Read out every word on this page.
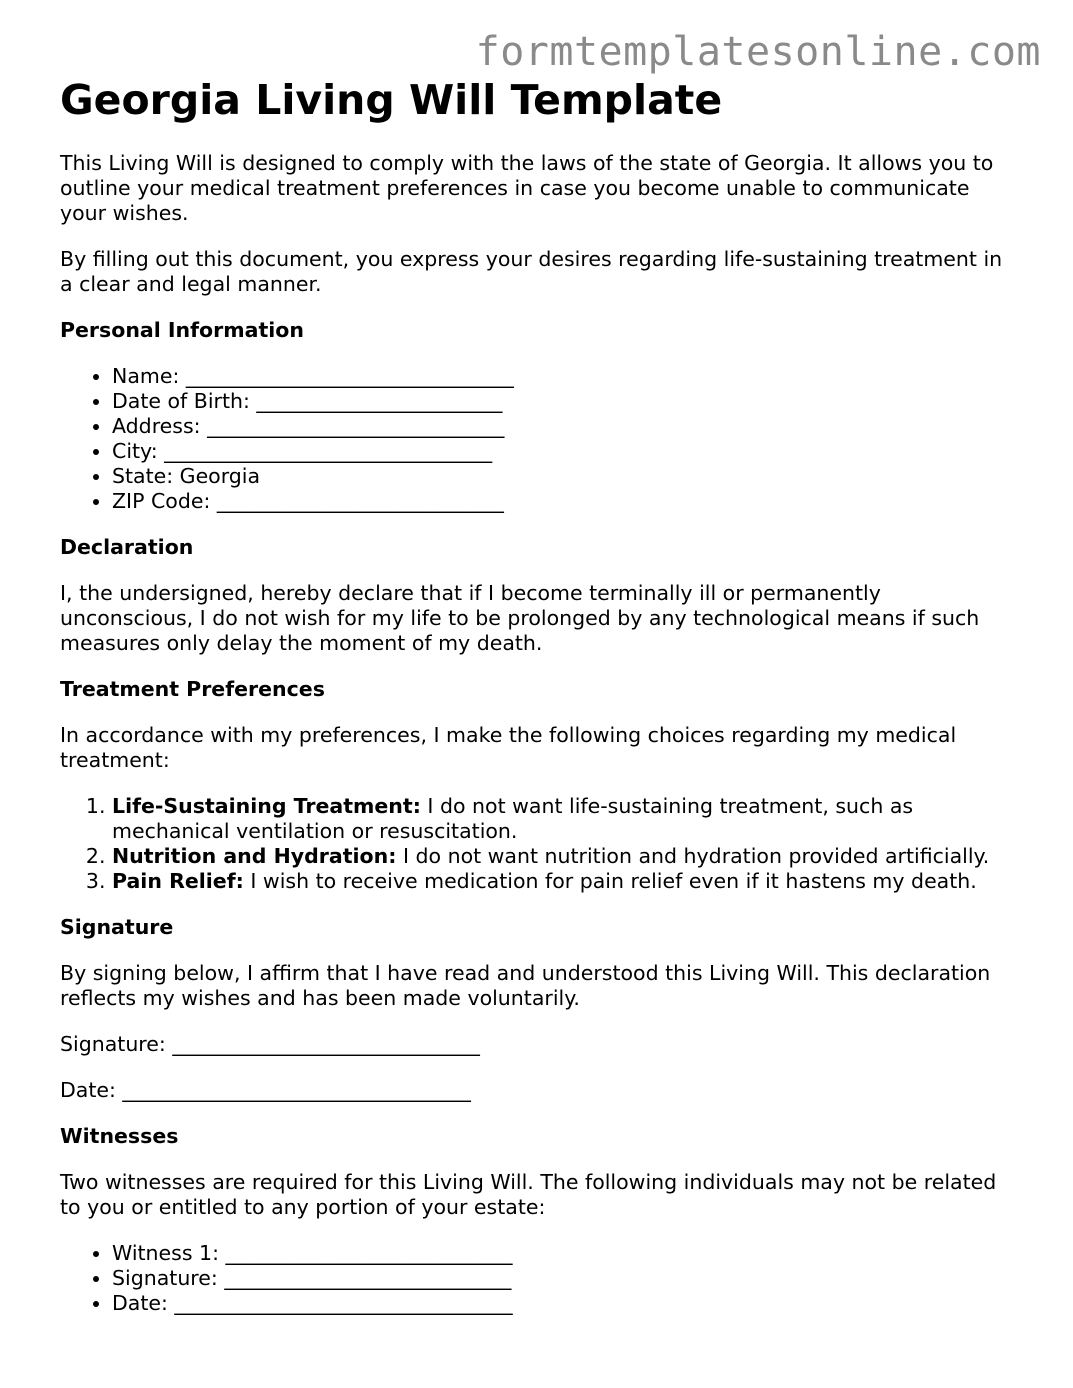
formtemplatesonline.com
Georgia Living Will Template

This Living Will is designed to comply with the laws of the state of Georgia. It allows you to outline your medical treatment preferences in case you become unable to communicate your wishes.

By filling out this document, you express your desires regarding life-sustaining treatment in a clear and legal manner.

Personal Information
• Name: ________________________________
• Date of Birth: ________________________
• Address: _____________________________
• City: ________________________________
• State: Georgia
• ZIP Code: ____________________________
Declaration

I, the undersigned, hereby declare that if I become terminally ill or permanently unconscious, I do not wish for my life to be prolonged by any technological means if such measures only delay the moment of my death.

Treatment Preferences

In accordance with my preferences, I make the following choices regarding my medical treatment:

1. Life-Sustaining Treatment: I do not want life-sustaining treatment, such as mechanical ventilation or resuscitation.
2. Nutrition and Hydration: I do not want nutrition and hydration provided artificially.
3. Pain Relief: I wish to receive medication for pain relief even if it hastens my death.
Signature

By signing below, I affirm that I have read and understood this Living Will. This declaration reflects my wishes and has been made voluntarily.

Signature: ______________________________

Date: __________________________________

Witnesses

Two witnesses are required for this Living Will. The following individuals may not be related to you or entitled to any portion of your estate:

• Witness 1: ____________________________
• Signature: ____________________________
• Date: _________________________________
